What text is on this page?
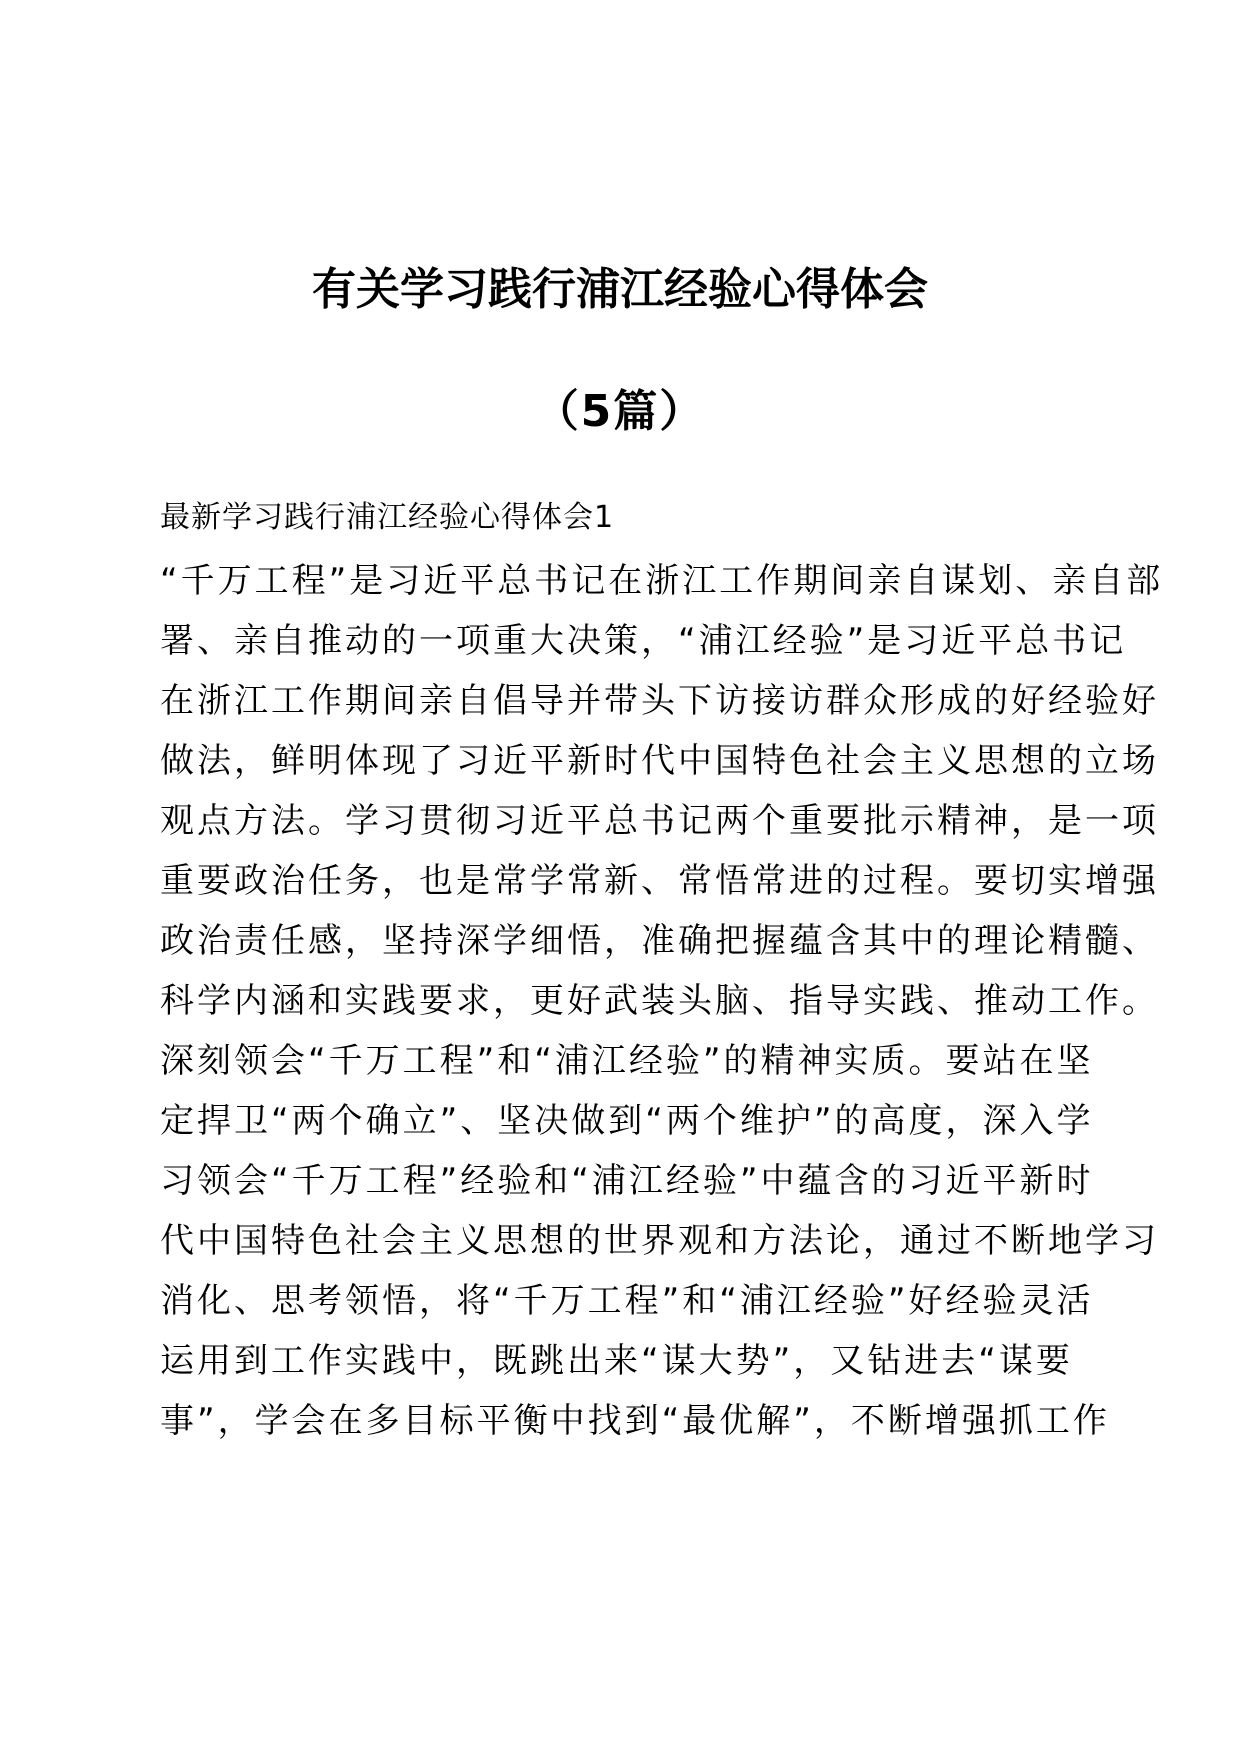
有关学习践行浦江经验心得体会
（5篇）

最新学习践行浦江经验心得体会1

“千万工程”是习近平总书记在浙江工作期间亲自谋划、亲自部

署、亲自推动的一项重大决策，“浦江经验”是习近平总书记

在浙江工作期间亲自倡导并带头下访接访群众形成的好经验好

做法，鲜明体现了习近平新时代中国特色社会主义思想的立场

观点方法。学习贯彻习近平总书记两个重要批示精神，是一项

重要政治任务，也是常学常新、常悟常进的过程。要切实增强

政治责任感，坚持深学细悟，准确把握蕴含其中的理论精髓、

科学内涵和实践要求，更好武装头脑、指导实践、推动工作。

深刻领会“千万工程”和“浦江经验”的精神实质。要站在坚

定捍卫“两个确立”、坚决做到“两个维护”的高度，深入学

习领会“千万工程”经验和“浦江经验”中蕴含的习近平新时

代中国特色社会主义思想的世界观和方法论，通过不断地学习

消化、思考领悟，将“千万工程”和“浦江经验”好经验灵活

运用到工作实践中，既跳出来“谋大势”，又钻进去“谋要

事”，学会在多目标平衡中找到“最优解”，不断增强抓工作
